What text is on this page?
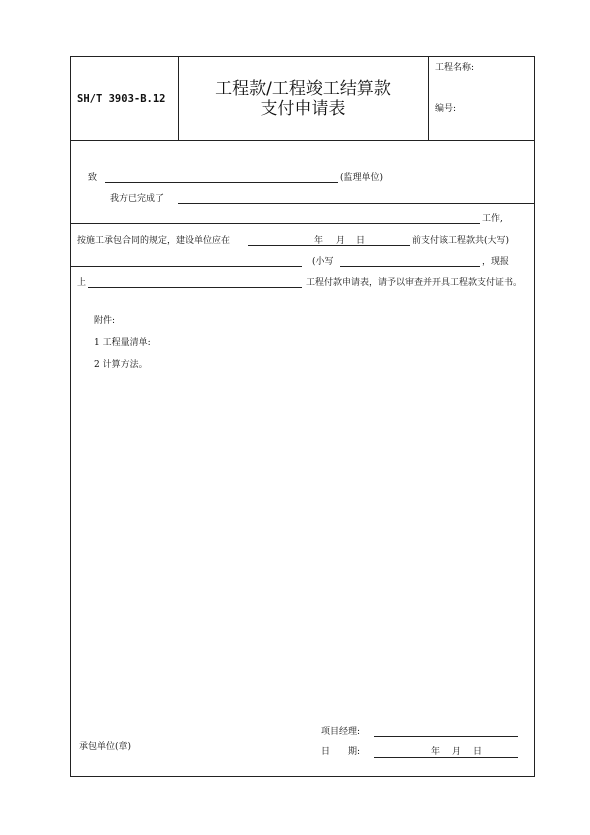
SH/T 3903-B.12	工程款/工程竣工结算款
支付申请表
工程名称:
编号:
致	(监理单位)
我方已完成了
工作,
按施工承包合同的规定，建设单位应在	年 月 日	前支付该工程款共(大写)
(小写	，现报
上	工程付款申请表，请予以审查并开具工程款支付证书。
附件:
1 工程量清单:
2 计算方法。
项目经理:
承包单位(章)	日　　期:	年 月 日
